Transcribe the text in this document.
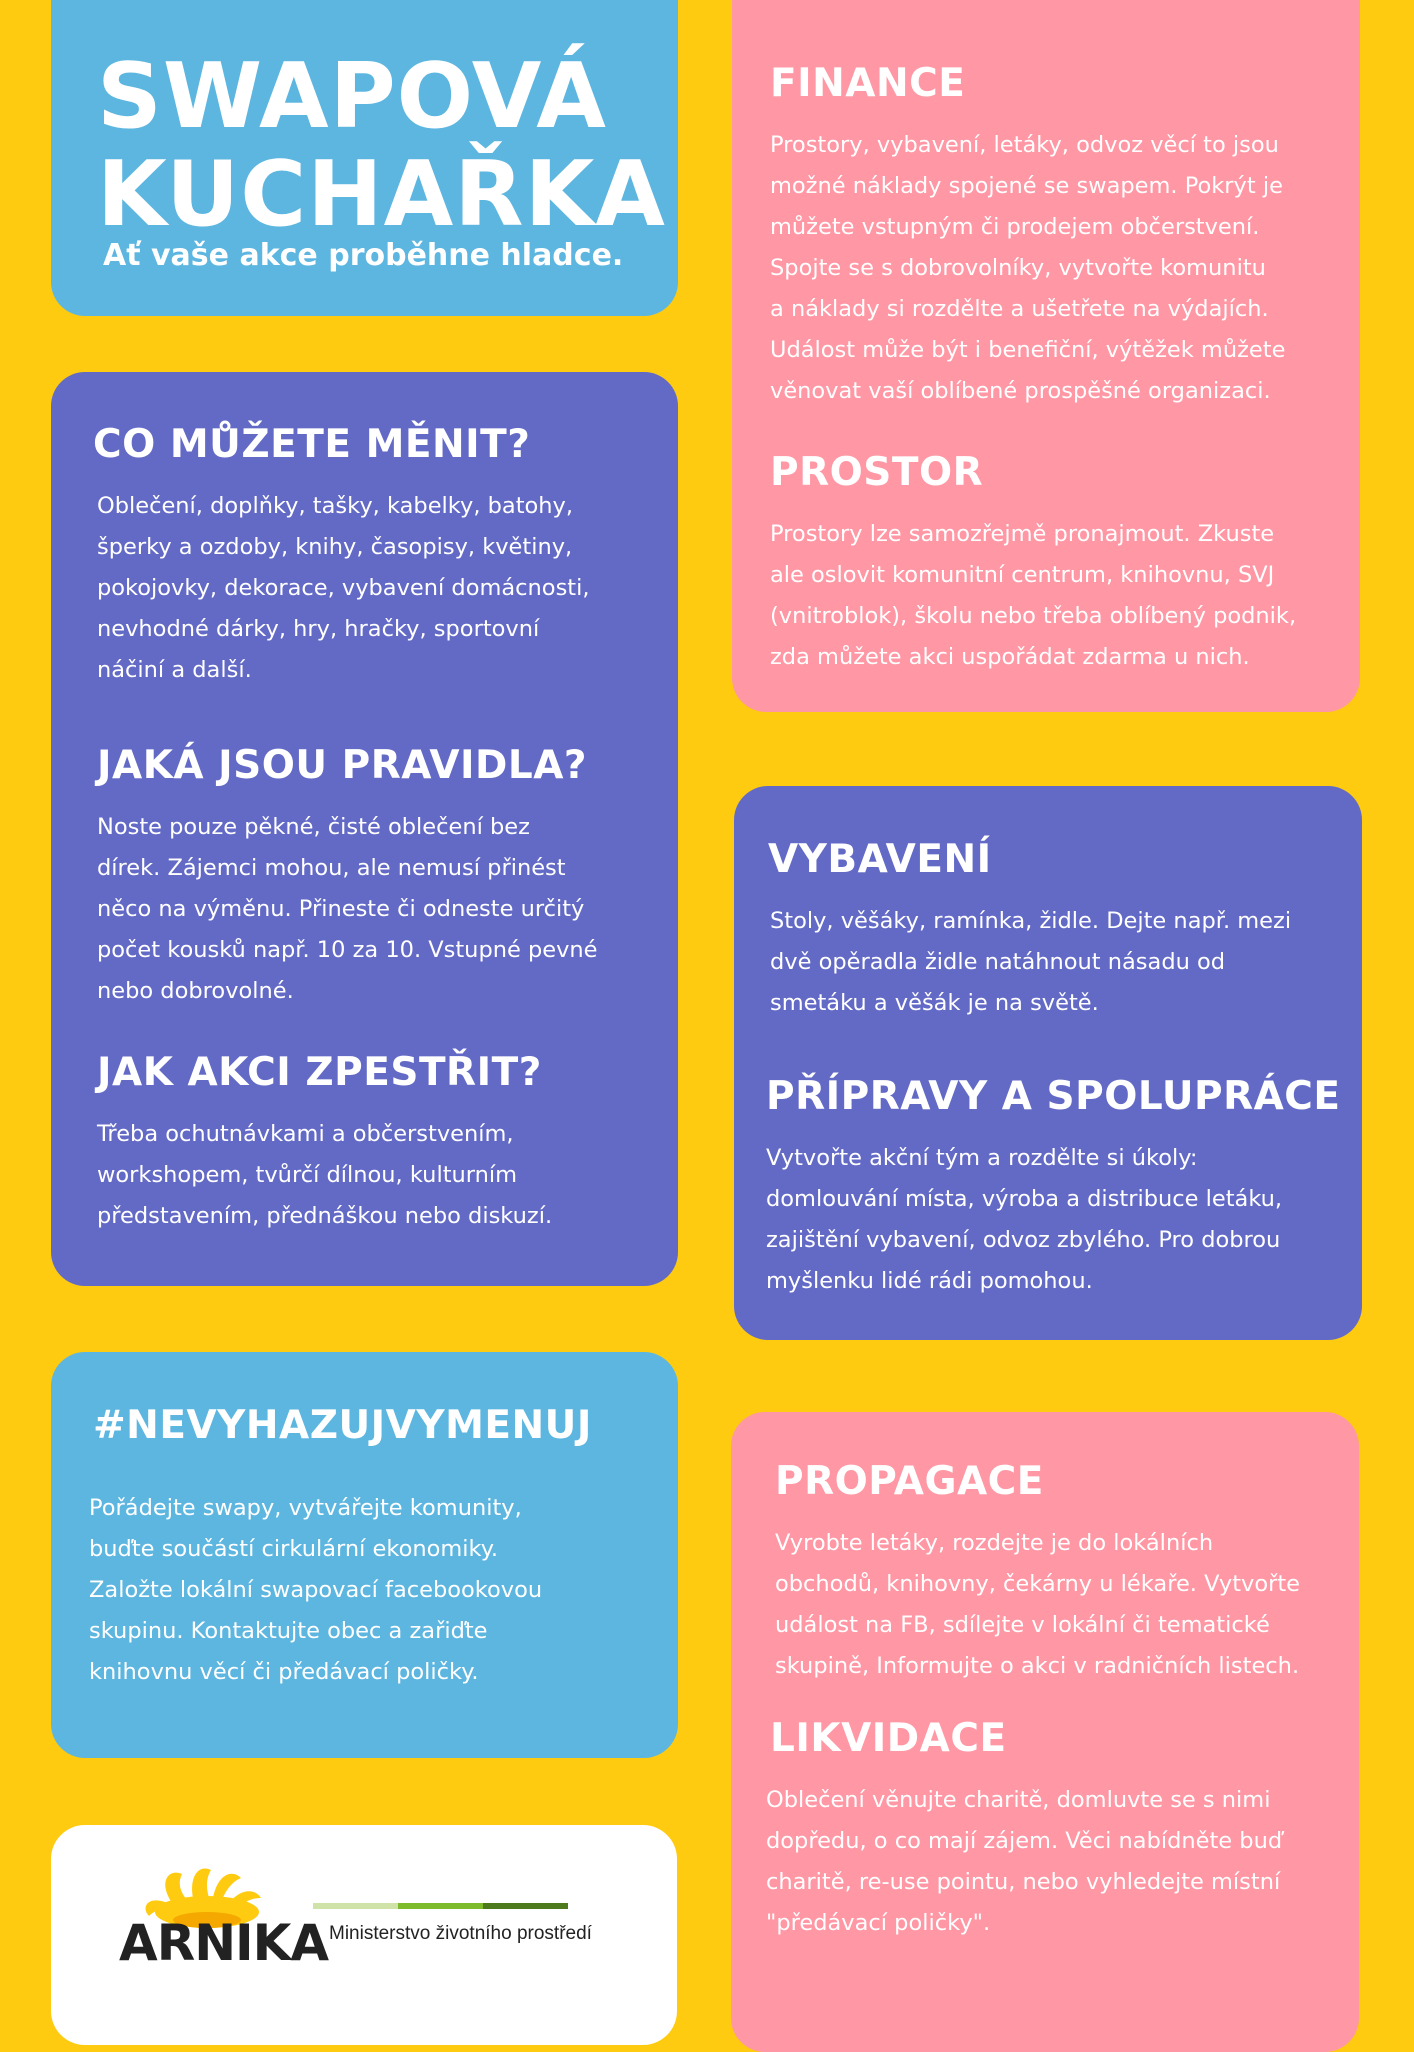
SWAPOVÁ
KUCHAŘKA

Ať vaše akce proběhne hladce.

CO MŮŽETE MĚNIT?

Oblečení, doplňky, tašky, kabelky, batohy,
šperky a ozdoby, knihy, časopisy, květiny,
pokojovky, dekorace, vybavení domácnosti,
nevhodné dárky, hry, hračky, sportovní
náčiní a další.

JAKÁ JSOU PRAVIDLA?

Noste pouze pěkné, čisté oblečení bez
dírek. Zájemci mohou, ale nemusí přinést
něco na výměnu. Přineste či odneste určitý
počet kousků např. 10 za 10. Vstupné pevné
nebo dobrovolné.

JAK AKCI ZPESTŘIT?

Třeba ochutnávkami a občerstvením,
workshopem, tvůrčí dílnou, kulturním
představením, přednáškou nebo diskuzí.

#NEVYHAZUJVYMENUJ

Pořádejte swapy, vytvářejte komunity,
buďte součástí cirkulární ekonomiky.
Založte lokální swapovací facebookovou
skupinu. Kontaktujte obec a zařiďte
knihovnu věcí či předávací poličky.

ARNIKA Ministerstvo životního prostředí
FINANCE

Prostory, vybavení, letáky, odvoz věcí to jsou
možné náklady spojené se swapem. Pokrýt je
můžete vstupným či prodejem občerstvení.
Spojte se s dobrovolníky, vytvořte komunitu
a náklady si rozdělte a ušetřete na výdajích.
Událost může být i benefiční, výtěžek můžete
věnovat vaší oblíbené prospěšné organizaci.

PROSTOR

Prostory lze samozřejmě pronajmout. Zkuste
ale oslovit komunitní centrum, knihovnu, SVJ
(vnitroblok), školu nebo třeba oblíbený podnik,
zda můžete akci uspořádat zdarma u nich.

VYBAVENÍ

Stoly, věšáky, ramínka, židle. Dejte např. mezi
dvě opěradla židle natáhnout násadu od
smetáku a věšák je na světě.

PŘÍPRAVY A SPOLUPRÁCE

Vytvořte akční tým a rozdělte si úkoly:
domlouvání místa, výroba a distribuce letáku,
zajištění vybavení, odvoz zbylého. Pro dobrou
myšlenku lidé rádi pomohou.

PROPAGACE

Vyrobte letáky, rozdejte je do lokálních
obchodů, knihovny, čekárny u lékaře. Vytvořte
událost na FB, sdílejte v lokální či tematické
skupině, Informujte o akci v radničních listech.

LIKVIDACE

Oblečení věnujte charitě, domluvte se s nimi
dopředu, o co mají zájem. Věci nabídněte buď
charitě, re-use pointu, nebo vyhledejte místní
"předávací poličky".
